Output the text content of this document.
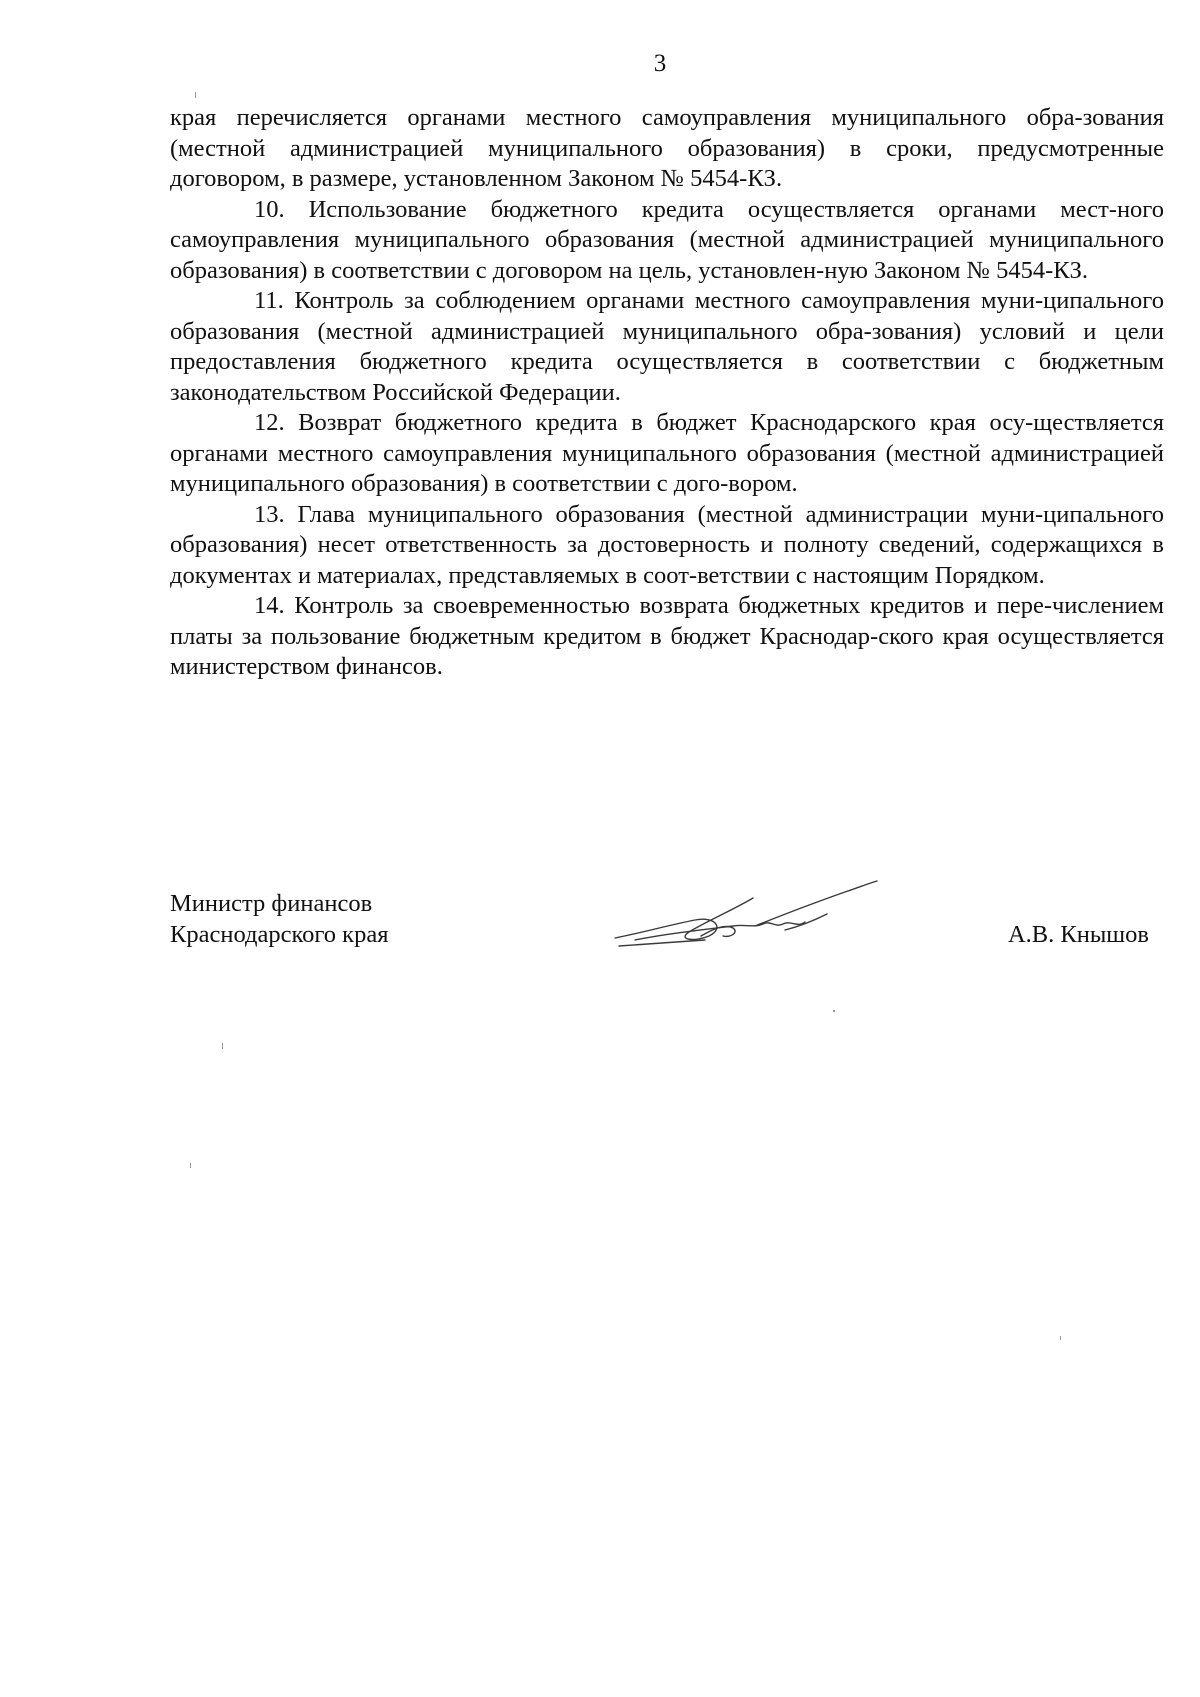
3

края перечисляется органами местного самоуправления муниципального обра-зования (местной администрацией муниципального образования) в сроки, предусмотренные договором, в размере, установленном Законом № 5454-КЗ.

10. Использование бюджетного кредита осуществляется органами мест-ного самоуправления муниципального образования (местной администрацией муниципального образования) в соответствии с договором на цель, установлен-ную Законом № 5454-КЗ.

11. Контроль за соблюдением органами местного самоуправления муни-ципального образования (местной администрацией муниципального обра-зования) условий и цели предоставления бюджетного кредита осуществляется в соответствии с бюджетным законодательством Российской Федерации.

12. Возврат бюджетного кредита в бюджет Краснодарского края осу-ществляется органами местного самоуправления муниципального образования (местной администрацией муниципального образования) в соответствии с дого-вором.

13. Глава муниципального образования (местной администрации муни-ципального образования) несет ответственность за достоверность и полноту сведений, содержащихся в документах и материалах, представляемых в соот-ветствии с настоящим Порядком.

14. Контроль за своевременностью возврата бюджетных кредитов и пере-числением платы за пользование бюджетным кредитом в бюджет Краснодар-ского края осуществляется министерством финансов.

Министр финансов
Краснодарского края	А.В. Кнышов
